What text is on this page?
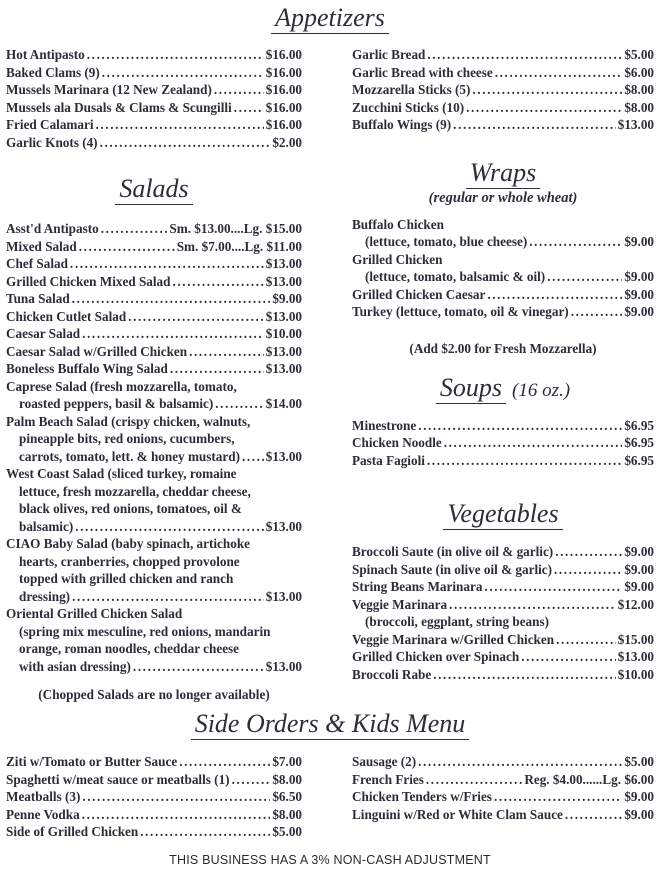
Appetizers
Hot Antipasto .....	$16.00
Baked Clams (9) .....	$16.00
Mussels Marinara (12 New Zealand) .....	$16.00
Mussels ala Dusals & Clams & Scungilli .....	$16.00
Fried Calamari .....	$16.00
Garlic Knots (4) .....	$2.00
Salads
Asst'd Antipasto .....	Sm. $13.00....Lg. $15.00
Mixed Salad .....	Sm. $7.00....Lg. $11.00
Chef Salad .....	$13.00
Grilled Chicken Mixed Salad .....	$13.00
Tuna Salad .....	$9.00
Chicken Cutlet Salad .....	$13.00
Caesar Salad .....	$10.00
Caesar Salad w/Grilled Chicken .....	$13.00
Boneless Buffalo Wing Salad .....	$13.00
Caprese Salad (fresh mozzarella, tomato,
roasted peppers, basil & balsamic) .....	$14.00
Palm Beach Salad (crispy chicken, walnuts,
pineapple bits, red onions, cucumbers,
carrots, tomato, lett. & honey mustard) ..... $13.00
West Coast Salad (sliced turkey, romaine
lettuce, fresh mozzarella, cheddar cheese,
black olives, red onions, tomatoes, oil &
balsamic) .....	$13.00
CIAO Baby Salad (baby spinach, artichoke
hearts, cranberries, chopped provolone
topped with grilled chicken and ranch
dressing) .....	$13.00
Oriental Grilled Chicken Salad
(spring mix mesculine, red onions, mandarin
orange, roman noodles, cheddar cheese
with asian dressing) .....	$13.00
(Chopped Salads are no longer available)
Garlic Bread .....	$5.00
Garlic Bread with cheese .....	$6.00
Mozzarella Sticks (5) .....	$8.00
Zucchini Sticks (10) .....	$8.00
Buffalo Wings (9) .....	$13.00
Wraps
(regular or whole wheat)
Buffalo Chicken
(lettuce, tomato, blue cheese) .....	$9.00
Grilled Chicken
(lettuce, tomato, balsamic & oil) .....	$9.00
Grilled Chicken Caesar .....	$9.00
Turkey (lettuce, tomato, oil & vinegar) .....	$9.00
(Add $2.00 for Fresh Mozzarella)
Soups (16 oz.)
Minestrone .....	$6.95
Chicken Noodle .....	$6.95
Pasta Fagioli .....	$6.95
Vegetables
Broccoli Saute (in olive oil & garlic) .....	$9.00
Spinach Saute (in olive oil & garlic) .....	$9.00
String Beans Marinara .....	$9.00
Veggie Marinara .....	$12.00
(broccoli, eggplant, string beans)
Veggie Marinara w/Grilled Chicken .....	$15.00
Grilled Chicken over Spinach .....	$13.00
Broccoli Rabe .....	$10.00
Side Orders & Kids Menu
Ziti w/Tomato or Butter Sauce .....	$7.00
Spaghetti w/meat sauce or meatballs (1) .....	$8.00
Meatballs (3) .....	$6.50
Penne Vodka .....	$8.00
Side of Grilled Chicken .....	$5.00
Sausage (2) .....	$5.00
French Fries .....	Reg. $4.00......Lg. $6.00
Chicken Tenders w/Fries .....	$9.00
Linguini w/Red or White Clam Sauce .....	$9.00
THIS BUSINESS HAS A 3% NON-CASH ADJUSTMENT
